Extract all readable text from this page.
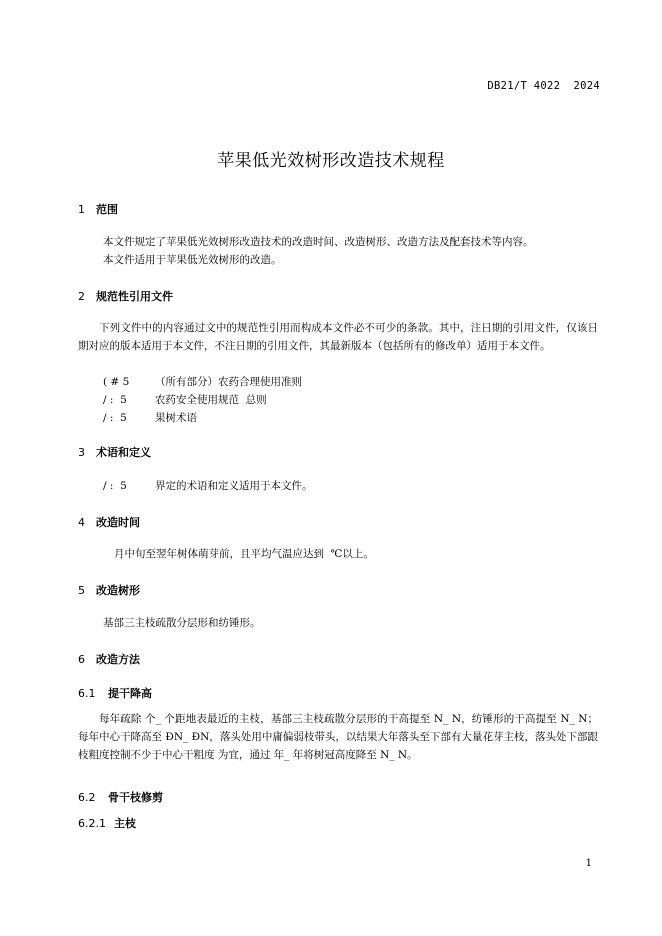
DB21/T 4022  2024
苹果低光效树形改造技术规程
1 范围
本文件规定了苹果低光效树形改造技术的改造时间、改造树形、改造方法及配套技术等内容。
本文件适用于苹果低光效树形的改造。
2 规范性引用文件
下列文件中的内容通过文中的规范性引用而构成本文件必不可少的条款。其中，注日期的引用文件，仅该日期对应的版本适用于本文件，不注日期的引用文件，其最新版本（包括所有的修改单）适用于本文件。
( # 5 （所有部分）农药合理使用准则
/ :  5	农药安全使用规范  总则
/ :  5	果树术语
3 术语和定义
/ :  5	界定的术语和定义适用于本文件。
4 改造时间
月中旬至翌年树体萌芽前，且平均气温应达到  ℃以上。
5 改造树形
基部三主枝疏散分层形和纺锤形。
6 改造方法
6.1 提干降高
每年疏除 个_ 个距地表最近的主枝，基部三主枝疏散分层形的干高提至 N_ N，纺锤形的干高提至 N_ N；每年中心干降高至 ĐN_ ĐN，落头处用中庸偏弱枝带头，以结果大年落头至下部有大量花芽主枝，落头处下部跟枝粗度控制不少于中心干粗度 为宜，通过 年_ 年将树冠高度降至 N_ N。
6.2 骨干枝修剪
6.2.1 主枝
1
